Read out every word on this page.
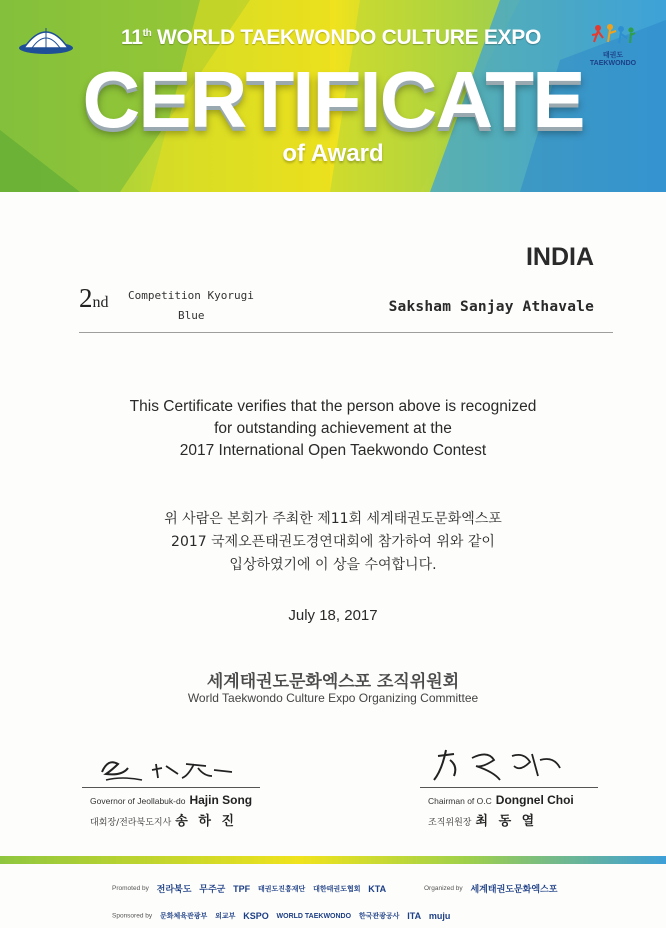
11th WORLD TAEKWONDO CULTURE EXPO
태권도
TAEKWONDO
CERTIFICATE
of Award
INDIA
2nd Competition Kyorugi
Blue
Saksham Sanjay Athavale
This Certificate verifies that the person above is recognized
for outstanding achievement at the
2017 International Open Taekwondo Contest
위 사람은 본회가 주최한 제11회 세계태권도문화엑스포
2017 국제오픈태권도경연대회에 참가하여 위와 같이
입상하였기에 이 상을 수여합니다.
July 18, 2017
세계태권도문화엑스포 조직위원회
World Taekwondo Culture Expo Organizing Committee
Governor of Jeollabuk-do Hajin Song
대회장/전라북도지사 송 하 진
Chairman of O.C Dongnel Choi
조직위원장 최 동 열
Promoted by 전라북도 무주군 TPF 태권도진흥재단 대한태권도협회 KTA	Organized by 세계태권도문화엑스포
Sponsored by 문화체육관광부 외교부 KSPO WORLD TAEKWONDO 한국관광공사 ITA muju
